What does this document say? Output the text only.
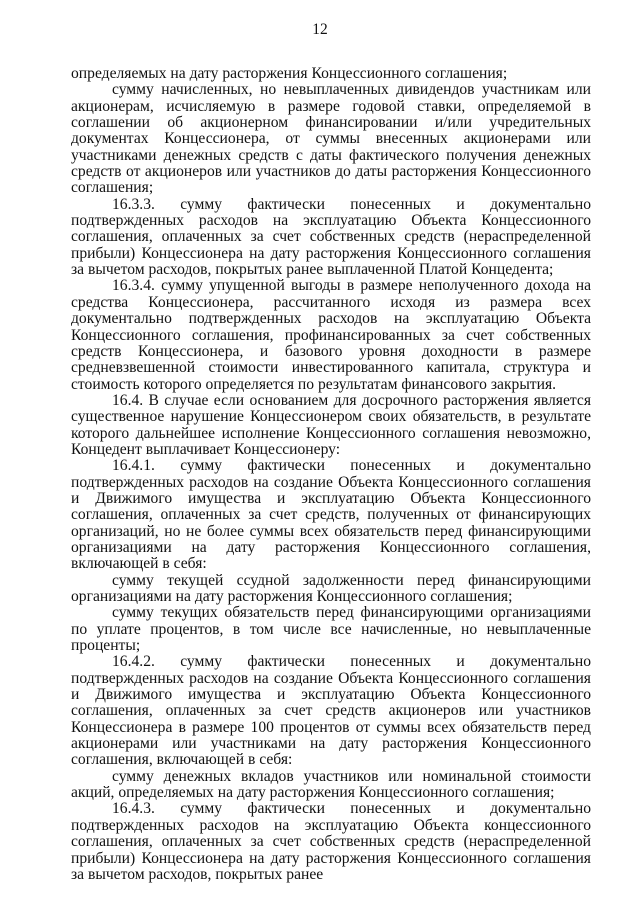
12

определяемых на дату расторжения Концессионного соглашения;

сумму начисленных, но невыплаченных дивидендов участникам или акционерам, исчисляемую в размере годовой ставки, определяемой в соглашении об акционерном финансировании и/или учредительных документах Концессионера, от суммы внесенных акционерами или участниками денежных средств с даты фактического получения денежных средств от акционеров или участников до даты расторжения Концессионного соглашения;

16.3.3. сумму фактически понесенных и документально подтвержденных расходов на эксплуатацию Объекта Концессионного соглашения, оплаченных за счет собственных средств (нераспределенной прибыли) Концессионера на дату расторжения Концессионного соглашения за вычетом расходов, покрытых ранее выплаченной Платой Концедента;

16.3.4. сумму упущенной выгоды в размере неполученного дохода на средства Концессионера, рассчитанного исходя из размера всех документально подтвержденных расходов на эксплуатацию Объекта Концессионного соглашения, профинансированных за счет собственных средств Концессионера, и базового уровня доходности в размере средневзвешенной стоимости инвестированного капитала, структура и стоимость которого определяется по результатам финансового закрытия.

16.4. В случае если основанием для досрочного расторжения является существенное нарушение Концессионером своих обязательств, в результате которого дальнейшее исполнение Концессионного соглашения невозможно, Концедент выплачивает Концессионеру:

16.4.1. сумму фактически понесенных и документально подтвержденных расходов на создание Объекта Концессионного соглашения и Движимого имущества и эксплуатацию Объекта Концессионного соглашения, оплаченных за счет средств, полученных от финансирующих организаций, но не более суммы всех обязательств перед финансирующими организациями на дату расторжения Концессионного соглашения, включающей в себя:

сумму текущей ссудной задолженности перед финансирующими организациями на дату расторжения Концессионного соглашения;

сумму текущих обязательств перед финансирующими организациями по уплате процентов, в том числе все начисленные, но невыплаченные проценты;

16.4.2. сумму фактически понесенных и документально подтвержденных расходов на создание Объекта Концессионного соглашения и Движимого имущества и эксплуатацию Объекта Концессионного соглашения, оплаченных за счет средств акционеров или участников Концессионера в размере 100 процентов от суммы всех обязательств перед акционерами или участниками на дату расторжения Концессионного соглашения, включающей в себя:

сумму денежных вкладов участников или номинальной стоимости акций, определяемых на дату расторжения Концессионного соглашения;

16.4.3. сумму фактически понесенных и документально подтвержденных расходов на эксплуатацию Объекта концессионного соглашения, оплаченных за счет собственных средств (нераспределенной прибыли) Концессионера на дату расторжения Концессионного соглашения за вычетом расходов, покрытых ранее
